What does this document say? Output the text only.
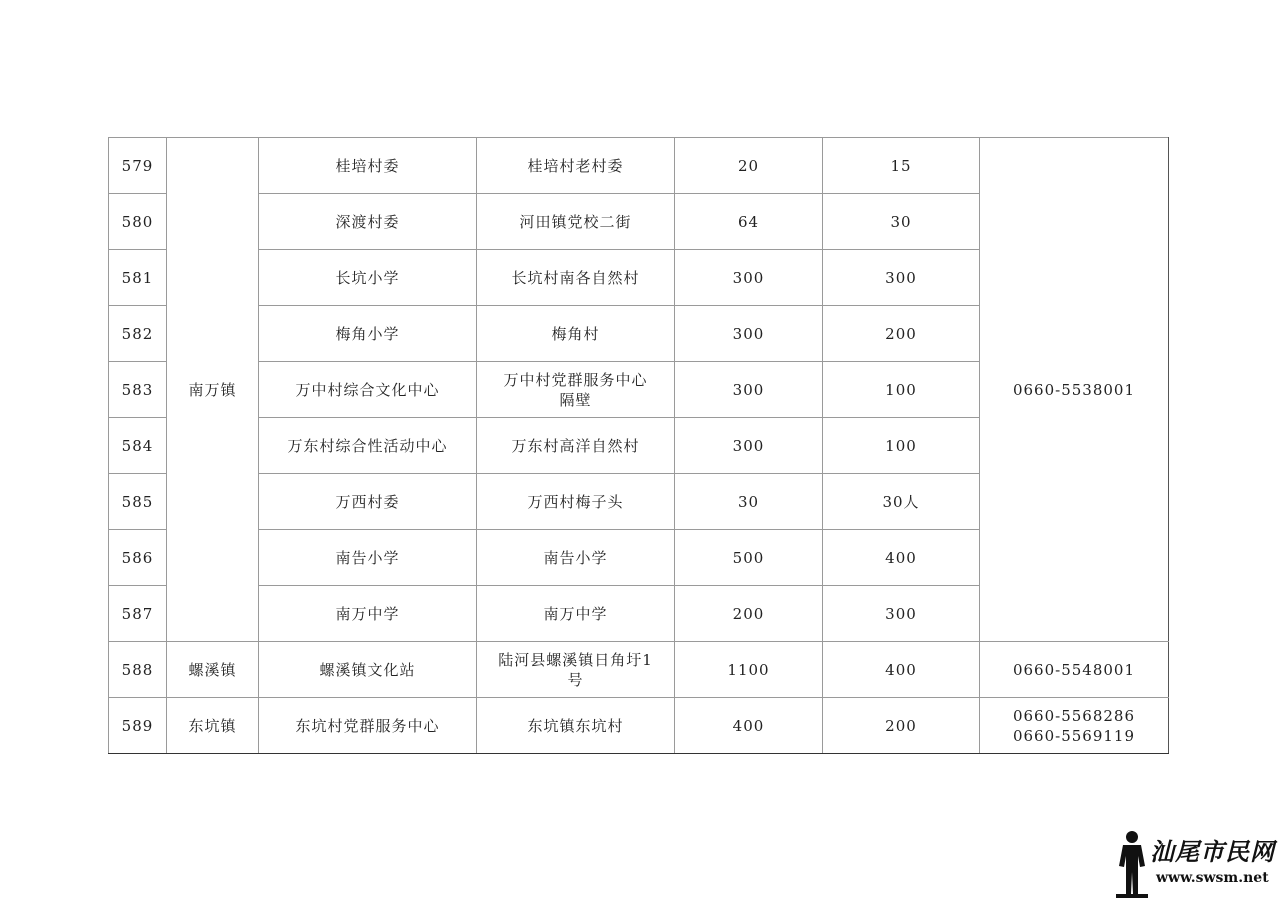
579	南万镇	桂培村委	桂培村老村委	20	15	0660-5538001
580		深渡村委	河田镇党校二街	64	30	
581		长坑小学	长坑村南各自然村	300	300	
582		梅角小学	梅角村	300	200	
583		万中村综合文化中心	万中村党群服务中心
隔壁	300	100	
584		万东村综合性活动中心	万东村高洋自然村	300	100	
585		万西村委	万西村梅子头	30	30人	
586		南告小学	南告小学	500	400	
587		南万中学	南万中学	200	300	
588	螺溪镇	螺溪镇文化站	陆河县螺溪镇日角圩1
号	1100	400	0660-5548001
589	东坑镇	东坑村党群服务中心	东坑镇东坑村	400	200	0660-5568286
0660-5569119
汕尾市民网
www.swsm.net
